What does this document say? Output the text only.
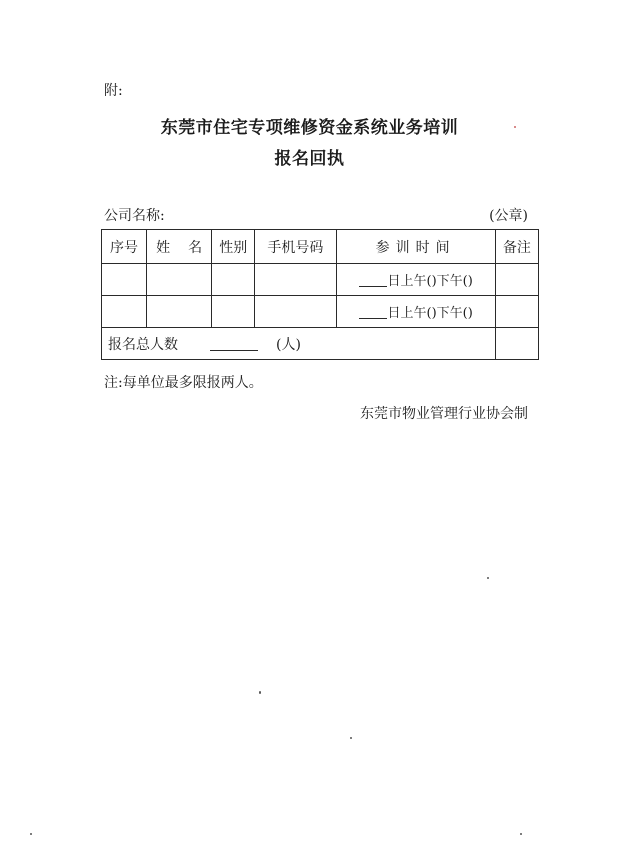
附:
东莞市住宅专项维修资金系统业务培训
报名回执
公司名称:	(公章)
序号	姓 名	性别	手机号码	参训时间	备注
				日上午()下午()	
				日上午()下午()	
报名总人数 (人)					
注:每单位最多限报两人。
东莞市物业管理行业协会制
